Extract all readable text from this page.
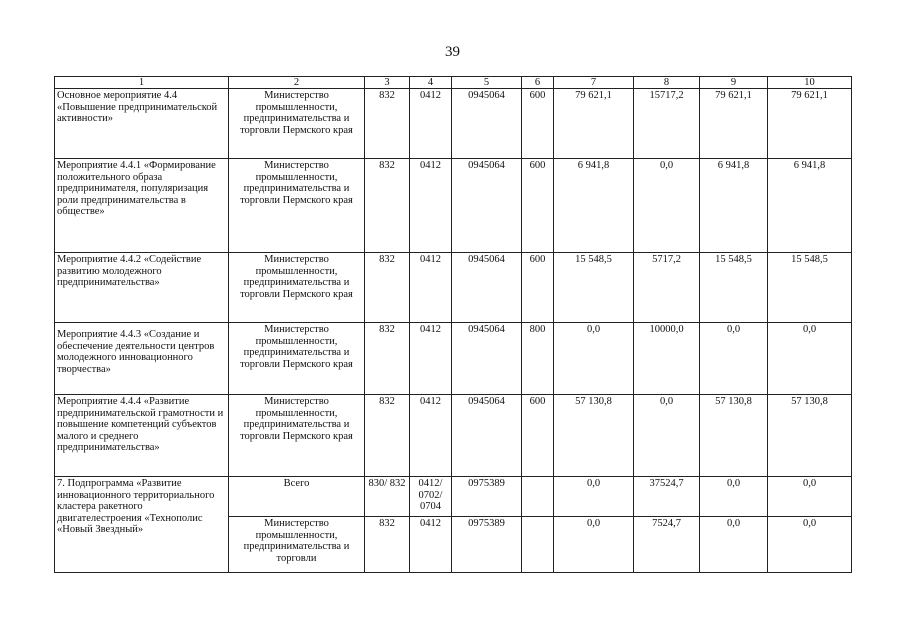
39
1	2	3	4	5	6	7	8	9	10
Основное мероприятие 4.4 «Повышение предпринимательской активности»	Министерство промышленности, предпринимательства и торговли Пермского края	832	0412	0945064	600	79 621,1	15717,2	79 621,1	79 621,1
Мероприятие 4.4.1 «Формирование положительного образа предпринимателя, популяризация роли предпринимательства в обществе»	Министерство промышленности, предпринимательства и торговли Пермского края	832	0412	0945064	600	6 941,8	0,0	6 941,8	6 941,8
Мероприятие 4.4.2 «Содействие развитию молодежного предпринимательства»	Министерство промышленности, предпринимательства и торговли Пермского края	832	0412	0945064	600	15 548,5	5717,2	15 548,5	15 548,5
Мероприятие 4.4.3 «Создание и обеспечение деятельности центров молодежного инновационного творчества»	Министерство промышленности, предпринимательства и торговли Пермского края	832	0412	0945064	800	0,0	10000,0	0,0	0,0
Мероприятие 4.4.4 «Развитие предпринимательской грамотности и повышение компетенций субъектов малого и среднего предпринимательства»	Министерство промышленности, предпринимательства и торговли Пермского края	832	0412	0945064	600	57 130,8	0,0	57 130,8	57 130,8
7. Подпрограмма «Развитие инновационного территориального кластера ракетного двигателестроения «Технополис «Новый Звездный»	Всего	830/ 832	0412/ 0702/ 0704	0975389		0,0	37524,7	0,0	0,0
	Министерство промышленности, предпринимательства и торговли	832	0412	0975389		0,0	7524,7	0,0	0,0
